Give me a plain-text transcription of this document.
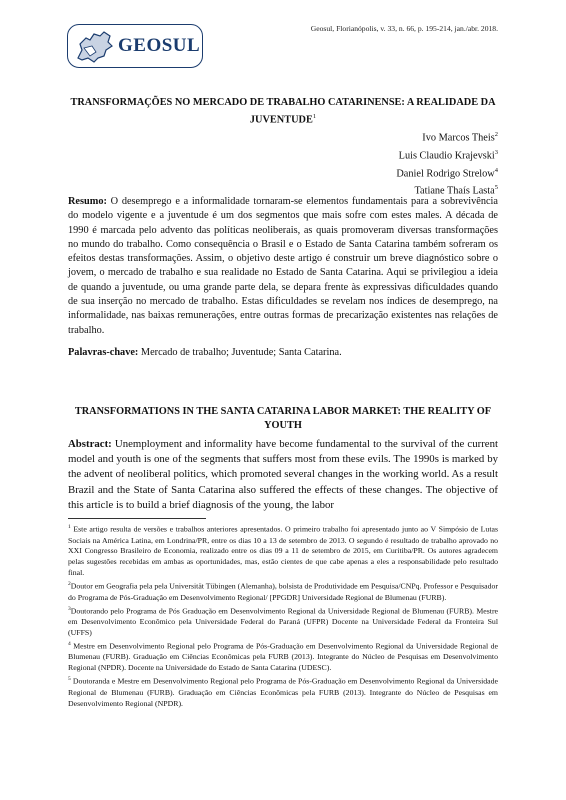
GEOSUL
Geosul, Florianópolis, v. 33, n. 66, p. 195-214, jan./abr. 2018.
TRANSFORMAÇÕES NO MERCADO DE TRABALHO CATARINENSE: A REALIDADE DA JUVENTUDE$^1$
Ivo Marcos Theis$^2$
Luis Claudio Krajevski$^3$
Daniel Rodrigo Strelow$^4$
Tatiane Thaís Lasta$^5$
Resumo: O desemprego e a informalidade tornaram-se elementos fundamentais para a sobrevivência do modelo vigente e a juventude é um dos segmentos que mais sofre com estes males. A década de 1990 é marcada pelo advento das políticas neoliberais, as quais promoveram diversas transformações no mundo do trabalho. Como consequência o Brasil e o Estado de Santa Catarina também sofreram os efeitos destas transformações. Assim, o objetivo deste artigo é construir um breve diagnóstico sobre o jovem, o mercado de trabalho e sua realidade no Estado de Santa Catarina. Aqui se privilegiou a ideia de quando a juventude, ou uma grande parte dela, se depara frente às expressivas dificuldades quando de sua inserção no mercado de trabalho. Estas dificuldades se revelam nos índices de desemprego, na informalidade, nas baixas remunerações, entre outras formas de precarização existentes nas relações de trabalho.
Palavras-chave: Mercado de trabalho; Juventude; Santa Catarina.
TRANSFORMATIONS IN THE SANTA CATARINA LABOR MARKET: THE REALITY OF YOUTH
Abstract: Unemployment and informality have become fundamental to the survival of the current model and youth is one of the segments that suffers most from these evils. The 1990s is marked by the advent of neoliberal politics, which promoted several changes in the working world. As a result Brazil and the State of Santa Catarina also suffered the effects of these changes. The objective of this article is to build a brief diagnosis of the young, the labor

$^1$ Este artigo resulta de versões e trabalhos anteriores apresentados. O primeiro trabalho foi apresentado junto ao V Simpósio de Lutas Sociais na América Latina, em Londrina/PR, entre os dias 10 a 13 de setembro de 2013. O segundo é resultado de trabalho aprovado no XXI Congresso Brasileiro de Economia, realizado entre os dias 09 a 11 de setembro de 2015, em Curitiba/PR. Os autores agradecem pelas sugestões recebidas em ambas as oportunidades, mas, estão cientes de que cabe apenas a eles a responsabilidade pelo resultado final.

$^2$Doutor em Geografia pela pela Universität Tübingen (Alemanha), bolsista de Produtividade em Pesquisa/CNPq. Professor e Pesquisador do Programa de Pós-Graduação em Desenvolvimento Regional/ [PPGDR] Universidade Regional de Blumenau (FURB).

$^3$Doutorando pelo Programa de Pós Graduação em Desenvolvimento Regional da Universidade Regional de Blumenau (FURB). Mestre em Desenvolvimento Econômico pela Universidade Federal do Paraná (UFPR) Docente na Universidade Federal da Fronteira Sul (UFFS)

$^4$ Mestre em Desenvolvimento Regional pelo Programa de Pós-Graduação em Desenvolvimento Regional da Universidade Regional de Blumenau (FURB). Graduação em Ciências Econômicas pela FURB (2013). Integrante do Núcleo de Pesquisas em Desenvolvimento Regional (NPDR). Docente na Universidade do Estado de Santa Catarina (UDESC).

$^5$ Doutoranda e Mestre em Desenvolvimento Regional pelo Programa de Pós-Graduação em Desenvolvimento Regional da Universidade Regional de Blumenau (FURB). Graduação em Ciências Econômicas pela FURB (2013). Integrante do Núcleo de Pesquisas em Desenvolvimento Regional (NPDR).
